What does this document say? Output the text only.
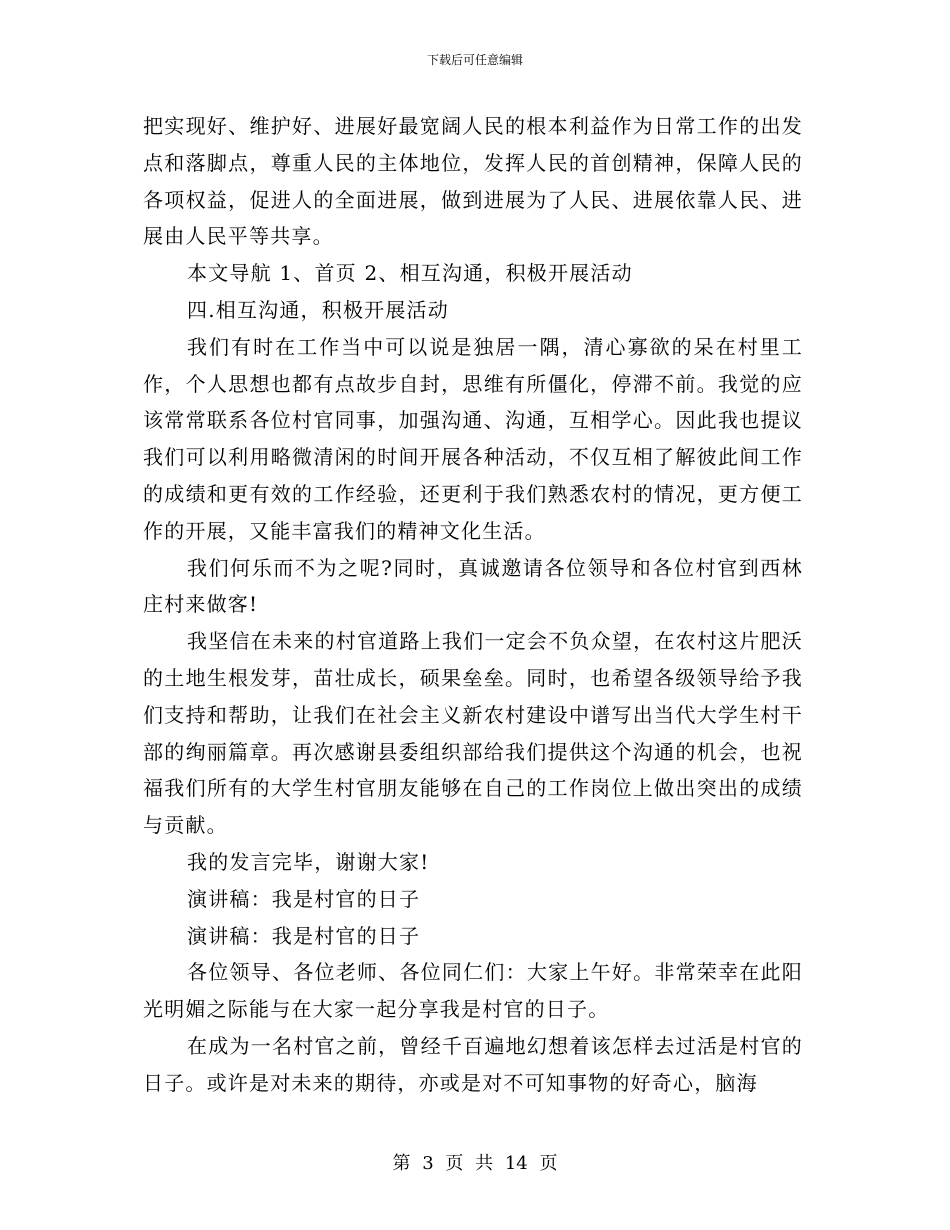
下载后可任意编辑

把实现好、维护好、进展好最宽阔人民的根本利益作为日常工作的出发点和落脚点，尊重人民的主体地位，发挥人民的首创精神，保障人民的各项权益，促进人的全面进展，做到进展为了人民、进展依靠人民、进展由人民平等共享。

本文导航 1、首页 2、相互沟通，积极开展活动

四.相互沟通，积极开展活动

我们有时在工作当中可以说是独居一隅，清心寡欲的呆在村里工作，个人思想也都有点故步自封，思维有所僵化，停滞不前。我觉的应该常常联系各位村官同事，加强沟通、沟通，互相学心。因此我也提议我们可以利用略微清闲的时间开展各种活动，不仅互相了解彼此间工作的成绩和更有效的工作经验，还更利于我们熟悉农村的情况，更方便工作的开展，又能丰富我们的精神文化生活。

我们何乐而不为之呢?同时，真诚邀请各位领导和各位村官到西林庄村来做客!

我坚信在未来的村官道路上我们一定会不负众望，在农村这片肥沃的土地生根发芽，苗壮成长，硕果垒垒。同时，也希望各级领导给予我们支持和帮助，让我们在社会主义新农村建设中谱写出当代大学生村干部的绚丽篇章。再次感谢县委组织部给我们提供这个沟通的机会，也祝福我们所有的大学生村官朋友能够在自己的工作岗位上做出突出的成绩与贡献。

我的发言完毕，谢谢大家!

演讲稿：我是村官的日子

演讲稿：我是村官的日子

各位领导、各位老师、各位同仁们：大家上午好。非常荣幸在此阳光明媚之际能与在大家一起分享我是村官的日子。

在成为一名村官之前，曾经千百遍地幻想着该怎样去过活是村官的日子。或许是对未来的期待，亦或是对不可知事物的好奇心，脑海

第 3 页 共 14 页
